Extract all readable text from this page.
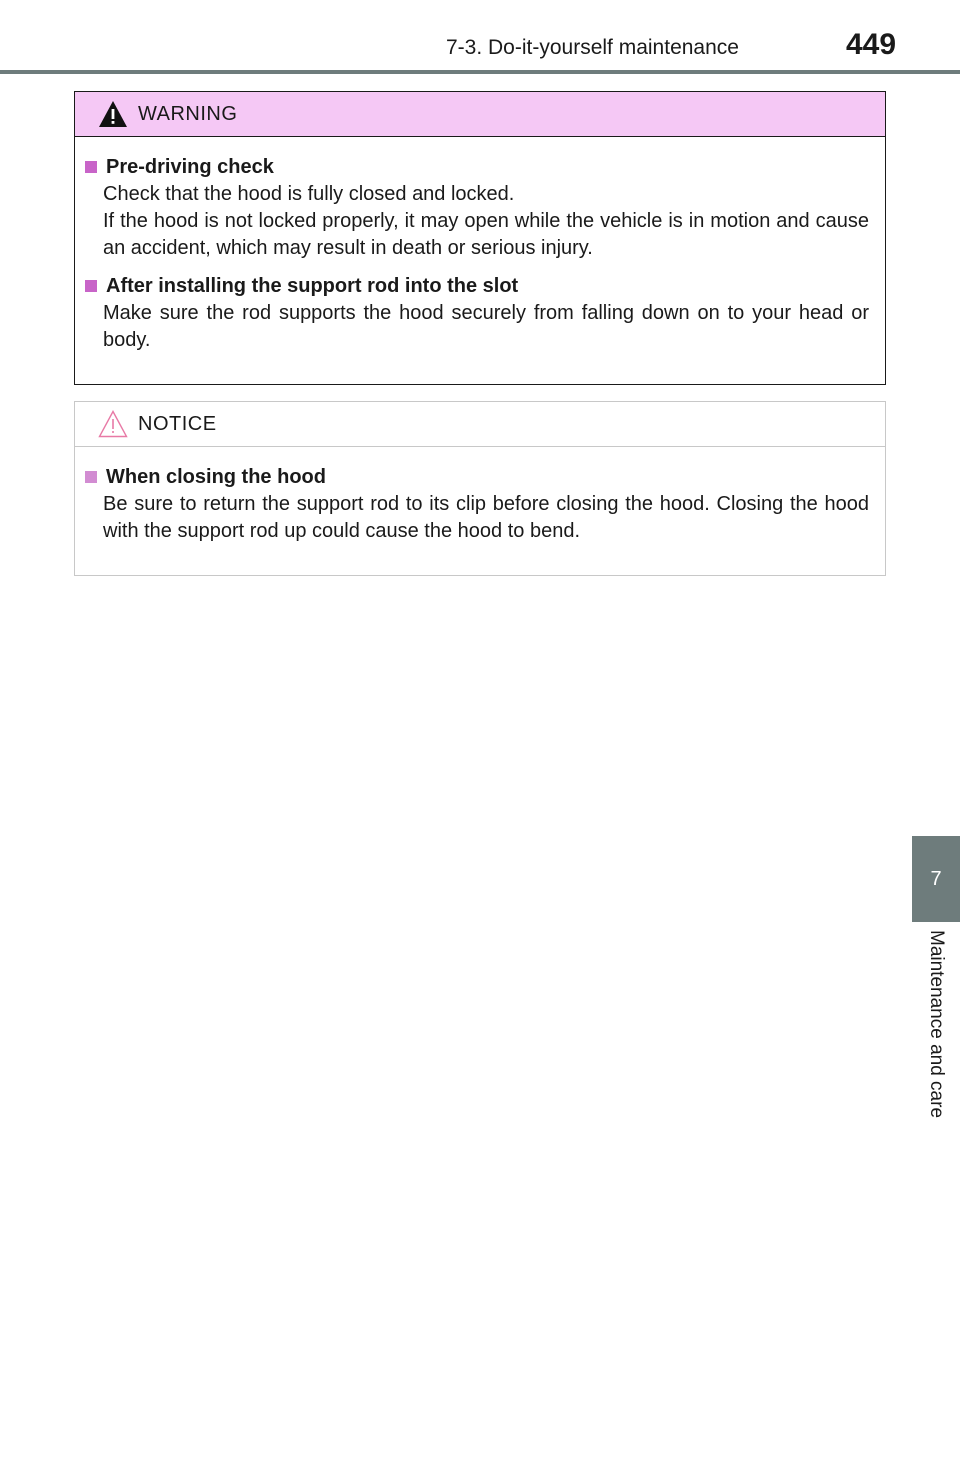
7-3. Do-it-yourself maintenance	449
7
Maintenance and care
WARNING
Pre-driving check

Check that the hood is fully closed and locked.

If the hood is not locked properly, it may open while the vehicle is in motion and cause an accident, which may result in death or serious injury.

After installing the support rod into the slot

Make sure the rod supports the hood securely from falling down on to your head or body.

NOTICE
When closing the hood

Be sure to return the support rod to its clip before closing the hood. Closing the hood with the support rod up could cause the hood to bend.
